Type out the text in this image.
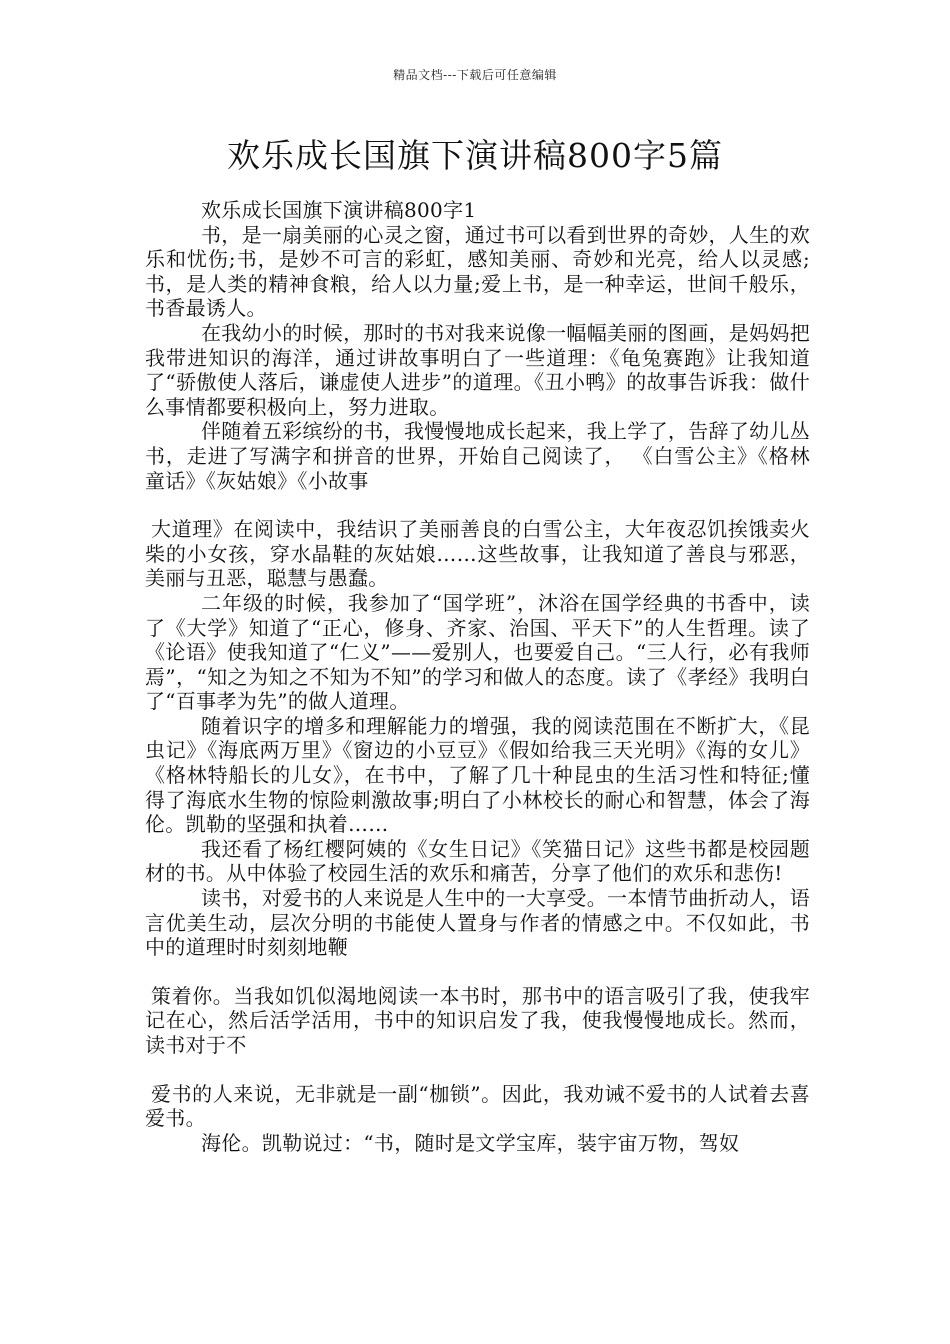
精品文档---下载后可任意编辑
欢乐成长国旗下演讲稿800字5篇

欢乐成长国旗下演讲稿800字1

书，是一扇美丽的心灵之窗，通过书可以看到世界的奇妙，人生的欢乐和忧伤;书，是妙不可言的彩虹，感知美丽、奇妙和光亮，给人以灵感;书，是人类的精神食粮，给人以力量;爱上书，是一种幸运，世间千般乐，书香最诱人。

在我幼小的时候，那时的书对我来说像一幅幅美丽的图画，是妈妈把我带进知识的海洋，通过讲故事明白了一些道理：《龟兔赛跑》让我知道了“骄傲使人落后，谦虚使人进步”的道理。《丑小鸭》的故事告诉我：做什么事情都要积极向上，努力进取。

伴随着五彩缤纷的书，我慢慢地成长起来，我上学了，告辞了幼儿丛书，走进了写满字和拼音的世界，开始自己阅读了， 《白雪公主》《格林童话》《灰姑娘》《小故事

大道理》在阅读中，我结识了美丽善良的白雪公主，大年夜忍饥挨饿卖火柴的小女孩，穿水晶鞋的灰姑娘……这些故事，让我知道了善良与邪恶，美丽与丑恶，聪慧与愚蠢。

二年级的时候，我参加了“国学班”，沐浴在国学经典的书香中，读了《大学》知道了“正心，修身、齐家、治国、平天下”的人生哲理。读了《论语》使我知道了“仁义”——爱别人，也要爱自己。“三人行，必有我师焉”，“知之为知之不知为不知”的学习和做人的态度。读了《孝经》我明白了“百事孝为先”的做人道理。

随着识字的增多和理解能力的增强，我的阅读范围在不断扩大，《昆虫记》《海底两万里》《窗边的小豆豆》《假如给我三天光明》《海的女儿》《格林特船长的儿女》，在书中，了解了几十种昆虫的生活习性和特征;懂得了海底水生物的惊险刺激故事;明白了小林校长的耐心和智慧，体会了海伦。凯勒的坚强和执着……

我还看了杨红樱阿姨的《女生日记》《笑猫日记》这些书都是校园题材的书。从中体验了校园生活的欢乐和痛苦，分享了他们的欢乐和悲伤!

读书，对爱书的人来说是人生中的一大享受。一本情节曲折动人，语言优美生动，层次分明的书能使人置身与作者的情感之中。不仅如此，书中的道理时时刻刻地鞭

策着你。当我如饥似渴地阅读一本书时，那书中的语言吸引了我，使我牢记在心，然后活学活用，书中的知识启发了我，使我慢慢地成长。然而，读书对于不

爱书的人来说，无非就是一副“枷锁”。因此，我劝诫不爱书的人试着去喜爱书。

海伦。凯勒说过：“书，随时是文学宝库，装宇宙万物，驾奴
